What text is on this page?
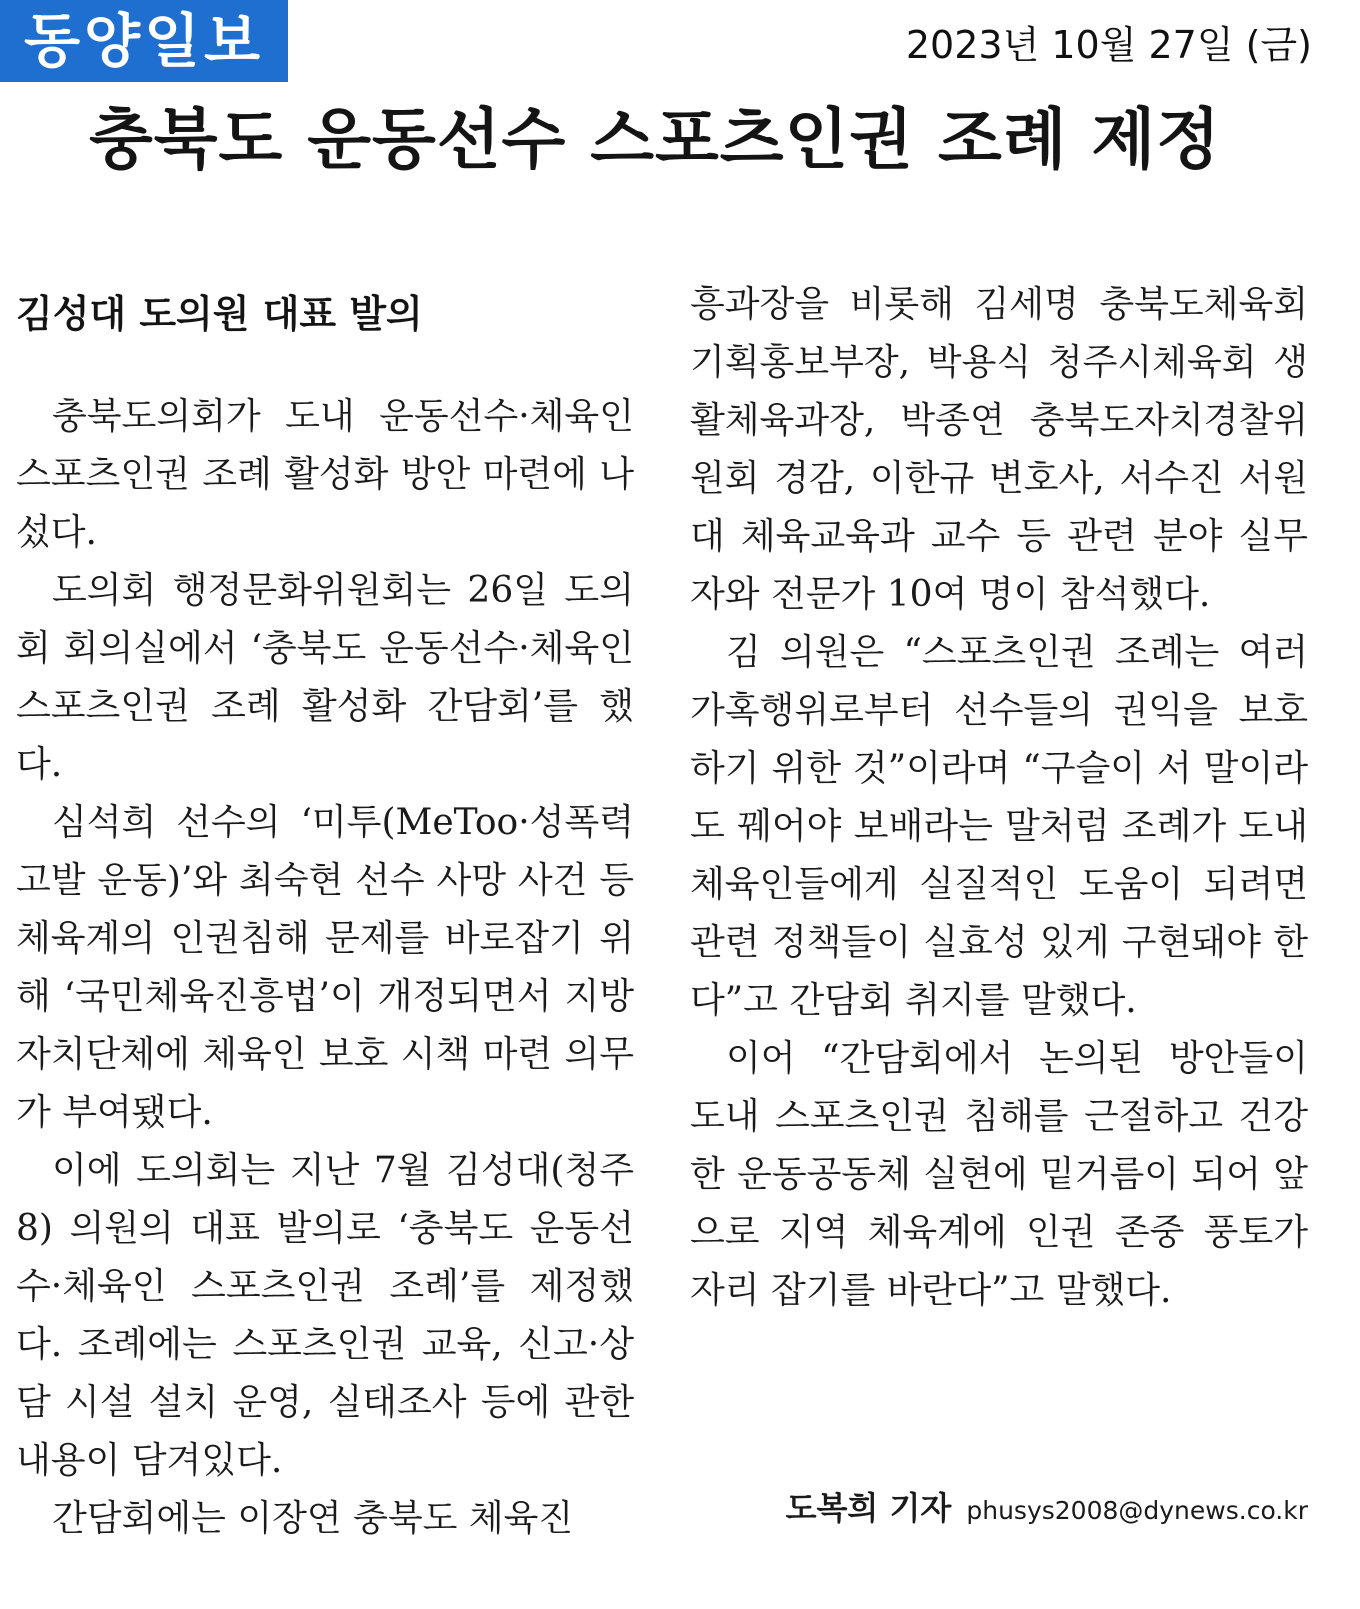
동양일보	2023년 10월 27일 (금)
충북도 운동선수 스포츠인권 조례 제정
김성대 도의원 대표 발의

충북도의회가 도내 운동선수·체육인 스포츠인권 조례 활성화 방안 마련에 나섰다.

도의회 행정문화위원회는 26일 도의회 회의실에서 ‘충북도 운동선수·체육인 스포츠인권 조례 활성화 간담회’를 했다.

심석희 선수의 ‘미투(MeToo·성폭력 고발 운동)’와 최숙현 선수 사망 사건 등 체육계의 인권침해 문제를 바로잡기 위해 ‘국민체육진흥법’이 개정되면서 지방자치단체에 체육인 보호 시책 마련 의무가 부여됐다.

이에 도의회는 지난 7월 김성대(청주8) 의원의 대표 발의로 ‘충북도 운동선수·체육인 스포츠인권 조례’를 제정했다. 조례에는 스포츠인권 교육, 신고·상담 시설 설치 운영, 실태조사 등에 관한 내용이 담겨있다.

간담회에는 이장연 충북도 체육진

흥과장을 비롯해 김세명 충북도체육회 기획홍보부장, 박용식 청주시체육회 생활체육과장, 박종연 충북도자치경찰위원회 경감, 이한규 변호사, 서수진 서원대 체육교육과 교수 등 관련 분야 실무자와 전문가 10여 명이 참석했다.

김 의원은 “스포츠인권 조례는 여러 가혹행위로부터 선수들의 권익을 보호하기 위한 것”이라며 “구슬이 서 말이라도 꿰어야 보배라는 말처럼 조례가 도내 체육인들에게 실질적인 도움이 되려면 관련 정책들이 실효성 있게 구현돼야 한다”고 간담회 취지를 말했다.

이어 “간담회에서 논의된 방안들이 도내 스포츠인권 침해를 근절하고 건강한 운동공동체 실현에 밑거름이 되어 앞으로 지역 체육계에 인권 존중 풍토가 자리 잡기를 바란다”고 말했다.

도복희 기자 phusys2008@dynews.co.kr
